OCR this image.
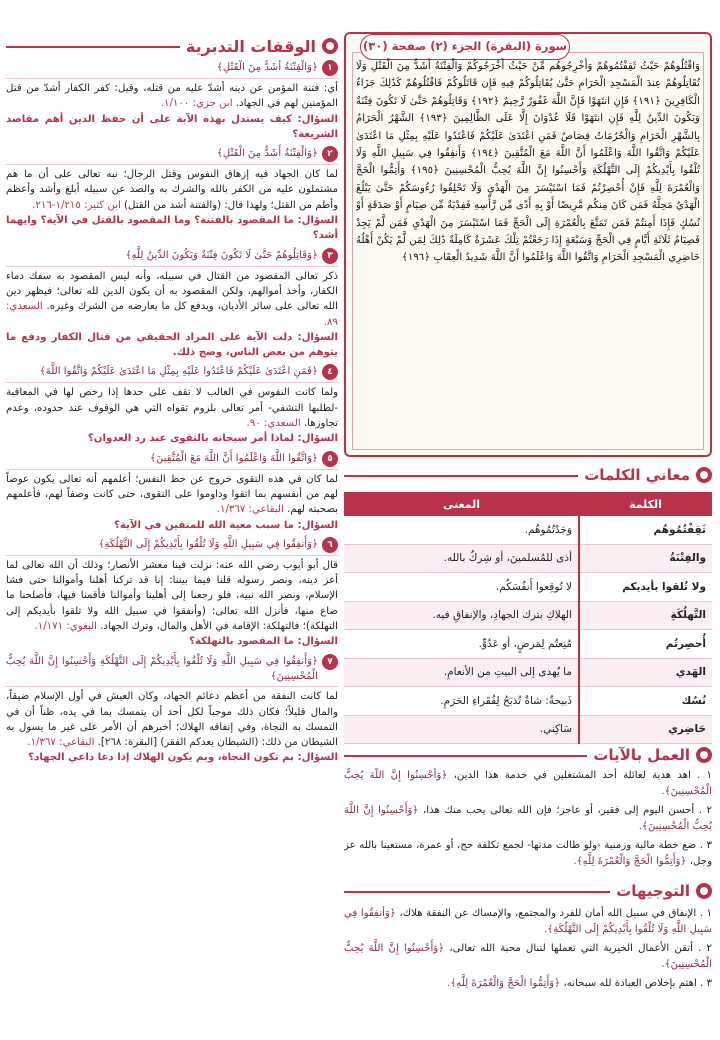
سورة (البقرة) الجزء (٢) صفحة (٣٠)
وَاقْتُلُوهُمْ حَيْثُ ثَقِفْتُمُوهُمْ وَأَخْرِجُوهُم مِّنْ حَيْثُ أَخْرَجُوكُمْ وَالْفِتْنَةُ أَشَدُّ مِنَ الْقَتْلِ وَلَا تُقَاتِلُوهُمْ عِندَ الْمَسْجِدِ الْحَرَامِ حَتَّىٰ يُقَاتِلُوكُمْ فِيهِ فَإِن قَاتَلُوكُمْ فَاقْتُلُوهُمْ كَذَٰلِكَ جَزَاءُ الْكَافِرِينَ ﴿١٩١﴾ فَإِنِ انتَهَوْا فَإِنَّ اللَّهَ غَفُورٌ رَّحِيمٌ ﴿١٩٢﴾ وَقَاتِلُوهُمْ حَتَّىٰ لَا تَكُونَ فِتْنَةٌ وَيَكُونَ الدِّينُ لِلَّهِ فَإِنِ انتَهَوْا فَلَا عُدْوَانَ إِلَّا عَلَى الظَّالِمِينَ ﴿١٩٣﴾ الشَّهْرُ الْحَرَامُ بِالشَّهْرِ الْحَرَامِ وَالْحُرُمَاتُ قِصَاصٌ فَمَنِ اعْتَدَىٰ عَلَيْكُمْ فَاعْتَدُوا عَلَيْهِ بِمِثْلِ مَا اعْتَدَىٰ عَلَيْكُمْ وَاتَّقُوا اللَّهَ وَاعْلَمُوا أَنَّ اللَّهَ مَعَ الْمُتَّقِينَ ﴿١٩٤﴾ وَأَنفِقُوا فِي سَبِيلِ اللَّهِ وَلَا تُلْقُوا بِأَيْدِيكُمْ إِلَى التَّهْلُكَةِ وَأَحْسِنُوا إِنَّ اللَّهَ يُحِبُّ الْمُحْسِنِينَ ﴿١٩٥﴾ وَأَتِمُّوا الْحَجَّ وَالْعُمْرَةَ لِلَّهِ فَإِنْ أُحْصِرْتُمْ فَمَا اسْتَيْسَرَ مِنَ الْهَدْيِ وَلَا تَحْلِقُوا رُءُوسَكُمْ حَتَّىٰ يَبْلُغَ الْهَدْيُ مَحِلَّهُ فَمَن كَانَ مِنكُم مَّرِيضًا أَوْ بِهِ أَذًى مِّن رَّأْسِهِ فَفِدْيَةٌ مِّن صِيَامٍ أَوْ صَدَقَةٍ أَوْ نُسُكٍ فَإِذَا أَمِنتُمْ فَمَن تَمَتَّعَ بِالْعُمْرَةِ إِلَى الْحَجِّ فَمَا اسْتَيْسَرَ مِنَ الْهَدْيِ فَمَن لَّمْ يَجِدْ فَصِيَامُ ثَلَاثَةِ أَيَّامٍ فِي الْحَجِّ وَسَبْعَةٍ إِذَا رَجَعْتُمْ تِلْكَ عَشَرَةٌ كَامِلَةٌ ذَٰلِكَ لِمَن لَّمْ يَكُنْ أَهْلُهُ حَاضِرِي الْمَسْجِدِ الْحَرَامِ وَاتَّقُوا اللَّهَ وَاعْلَمُوا أَنَّ اللَّهَ شَدِيدُ الْعِقَابِ ﴿١٩٦﴾
معاني الكلمات
الكلمة	المعنى
ثَقِفْتُمُوهُم	وَجَدْتُمُوهُم.
والفِتْنَةُ	أذى للمُسلمينَ، أو شِركٌ بالله.
ولا تُلقوا بأيديكم	لا تُوقِعوا أَنفُسَكُم.
التَّهلُكَةِ	الهلاكِ بترك الجهادِ، والإنفاقِ فيه.
أُحصِرتُم	مُنِعتُم لِمَرضٍ، أو عَدُوٍّ.
الهَدي	ما يُهدى إلى البيتِ من الأنعامِ.
نُسُك	ذَبيحةٌ: شاةٌ تُذبَحُ لِفُقَراءِ الحَرَمِ.
حَاضِري	سَاكِني.
العمل بالآيات

١ . اهد هدية لعائلة أحد المشتغلين في خدمة هذا الدين، ﴿وَأَحْسِنُوا إِنَّ اللَّهَ يُحِبُّ الْمُحْسِنِينَ﴾.

٢ . أحسن اليوم إلى فقير، أو عاجز؛ فإن الله تعالى يحب منك هذا، ﴿وَأَحْسِنُوا إِنَّ اللَّهَ يُحِبُّ الْمُحْسِنِينَ﴾.

٣ . ضع خطة مالية وزمنية -ولو طالت مدتها- لجمع تكلفة حج، أو عمرة، مستعينا بالله عز وجل، ﴿وَأَتِمُّوا الْحَجَّ وَالْعُمْرَةَ لِلَّهِ﴾.

التوجيهات

١ . الإنفاق في سبيل الله أمان للفرد والمجتمع، والإمساك عن النفقة هلاك، ﴿وَأَنفِقُوا فِي سَبِيلِ اللَّهِ وَلَا تُلْقُوا بِأَيْدِيكُمْ إِلَى التَّهْلُكَةِ﴾.

٢ . أتقن الأعمال الخيرية التي تعملها لتنال محبة الله تعالى، ﴿وَأَحْسِنُوا إِنَّ اللَّهَ يُحِبُّ الْمُحْسِنِينَ﴾.

٣ . اهتم بإخلاص العبادة لله سبحانه، ﴿وَأَتِمُّوا الْحَجَّ وَالْعُمْرَةَ لِلَّهِ﴾.

الوقفات التدبرية
١
﴿وَالْفِتْنَةُ أَشَدُّ مِنَ الْقَتْلِ﴾
أي: فتنة المؤمن عن دينه أشدّ عليه من قتله، وقيل: كفر الكفار أشدّ من قتل المؤمنين لهم في الجهاد. ابن جزي: ١/١٠٠.
السؤال: كيف يستدل بهذه الآية على أن حفظ الدين أهم مقاصد الشريعة؟
٢
﴿وَالْفِتْنَةُ أَشَدُّ مِنَ الْقَتْلِ﴾
لما كان الجهاد فيه إزهاق النفوس وقتل الرجال؛ نبه تعالى على أن ما هم مشتملون عليه من الكفر بالله والشرك به والصد عن سبيله أبلغ وأشد وأعظم وأطم من القتل؛ ولهذا قال: (والفتنة أشد من القتل) ابن كثير: ١/٢١٥-٢١٦.
السؤال: ما المقصود بالفتنة؟ وما المقصود بالقتل في الآية؟ وايهما أشد؟
٣
﴿وَقَاتِلُوهُمْ حَتَّىٰ لَا تَكُونَ فِتْنَةٌ وَيَكُونَ الدِّينُ لِلَّهِ﴾
ذكر تعالى المقصود من القتال في سبيله، وأنه ليس المقصود به سفك دماء الكفار، وأخذ أموالهم، ولكن المقصود به أن يكون الدين لله تعالى؛ فيظهر دين الله تعالى على سائر الأديان، ويدفع كل ما يعارضه من الشرك وغيره. السعدي: ٨٩.
السؤال: دلت الآية على المراد الحقيقي من قتال الكفار ودفع ما يتوهم من بعض الناس، وضح ذلك.
٤
﴿فَمَنِ اعْتَدَىٰ عَلَيْكُمْ فَاعْتَدُوا عَلَيْهِ بِمِثْلِ مَا اعْتَدَىٰ عَلَيْكُمْ وَاتَّقُوا اللَّهَ﴾
ولما كانت النفوس في الغالب لا تقف على حدها إذا رخص لها في المعاقبة -لطلبها التشفي- أمر تعالى بلزوم تقواه التي هي الوقوف عند حدوده، وعدم تجاوزها. السعدي: ٩٠.
السؤال: لماذا أمر سبحانه بالتقوى عند رد العدوان؟
٥
﴿وَاتَّقُوا اللَّهَ وَاعْلَمُوا أَنَّ اللَّهَ مَعَ الْمُتَّقِينَ﴾
لما كان في هذه التقوى خروج عن حظ النفس؛ أعلمهم أنه تعالى يكون عوضاً لهم من أنفسهم بما اتقوا وداوموا على التقوى، حتى كانت وصفاً لهم، فأعلمهم بصحبته لهم. البقاعي: ١/٣٦٧.
السؤال: ما سبب معية الله للمتقين في الآية؟
٦
﴿وَأَنفِقُوا فِي سَبِيلِ اللَّهِ وَلَا تُلْقُوا بِأَيْدِيكُمْ إِلَى التَّهْلُكَةِ﴾
قال أبو أيوب رضي الله عنه: نزلت فينا معشر الأنصار؛ وذلك أن الله تعالى لما أعز دينه، ونصر رسوله قلنا فيما بيننا: إنا قد تركنا أهلنا وأموالنا حتى فشا الإسلام، ونصر الله نبيه، فلو رجعنا إلى أهلينا وأموالنا فأقمنا فيها، فأصلحنا ما ضاع منها، فأنزل الله تعالى: (وأنفقوا في سبيل الله ولا تلقوا بأيديكم إلى التهلكة)؛ فالتهلكة: الإقامة في الأهل والمال، وترك الجهاد. البغوي: ١/١٧١.
السؤال: ما المقصود بالتهلكة؟
٧
﴿وَأَنفِقُوا فِي سَبِيلِ اللَّهِ وَلَا تُلْقُوا بِأَيْدِيكُمْ إِلَى التَّهْلُكَةِ وَأَحْسِنُوا إِنَّ اللَّهَ يُحِبُّ الْمُحْسِنِينَ﴾
لما كانت النفقة من أعظم دعائم الجهاد، وكان العيش في أول الإسلام ضيقاً، والمال قليلاً؛ فكان ذلك موجباً لكل أحد أن يتمسك بما في يده، ظناً أن في التمسك به النجاة، وفي إنفاقه الهلاك؛ أخبرهم أن الأمر على غير ما يسول به الشيطان من ذلك: (الشيطان يعدكم الفقر) [البقرة: ٢٦٨]. البقاعي: ١/٣٦٧.
السؤال: بم تكون النجاة، وبم يكون الهلاك إذا دعا داعي الجهاد؟
